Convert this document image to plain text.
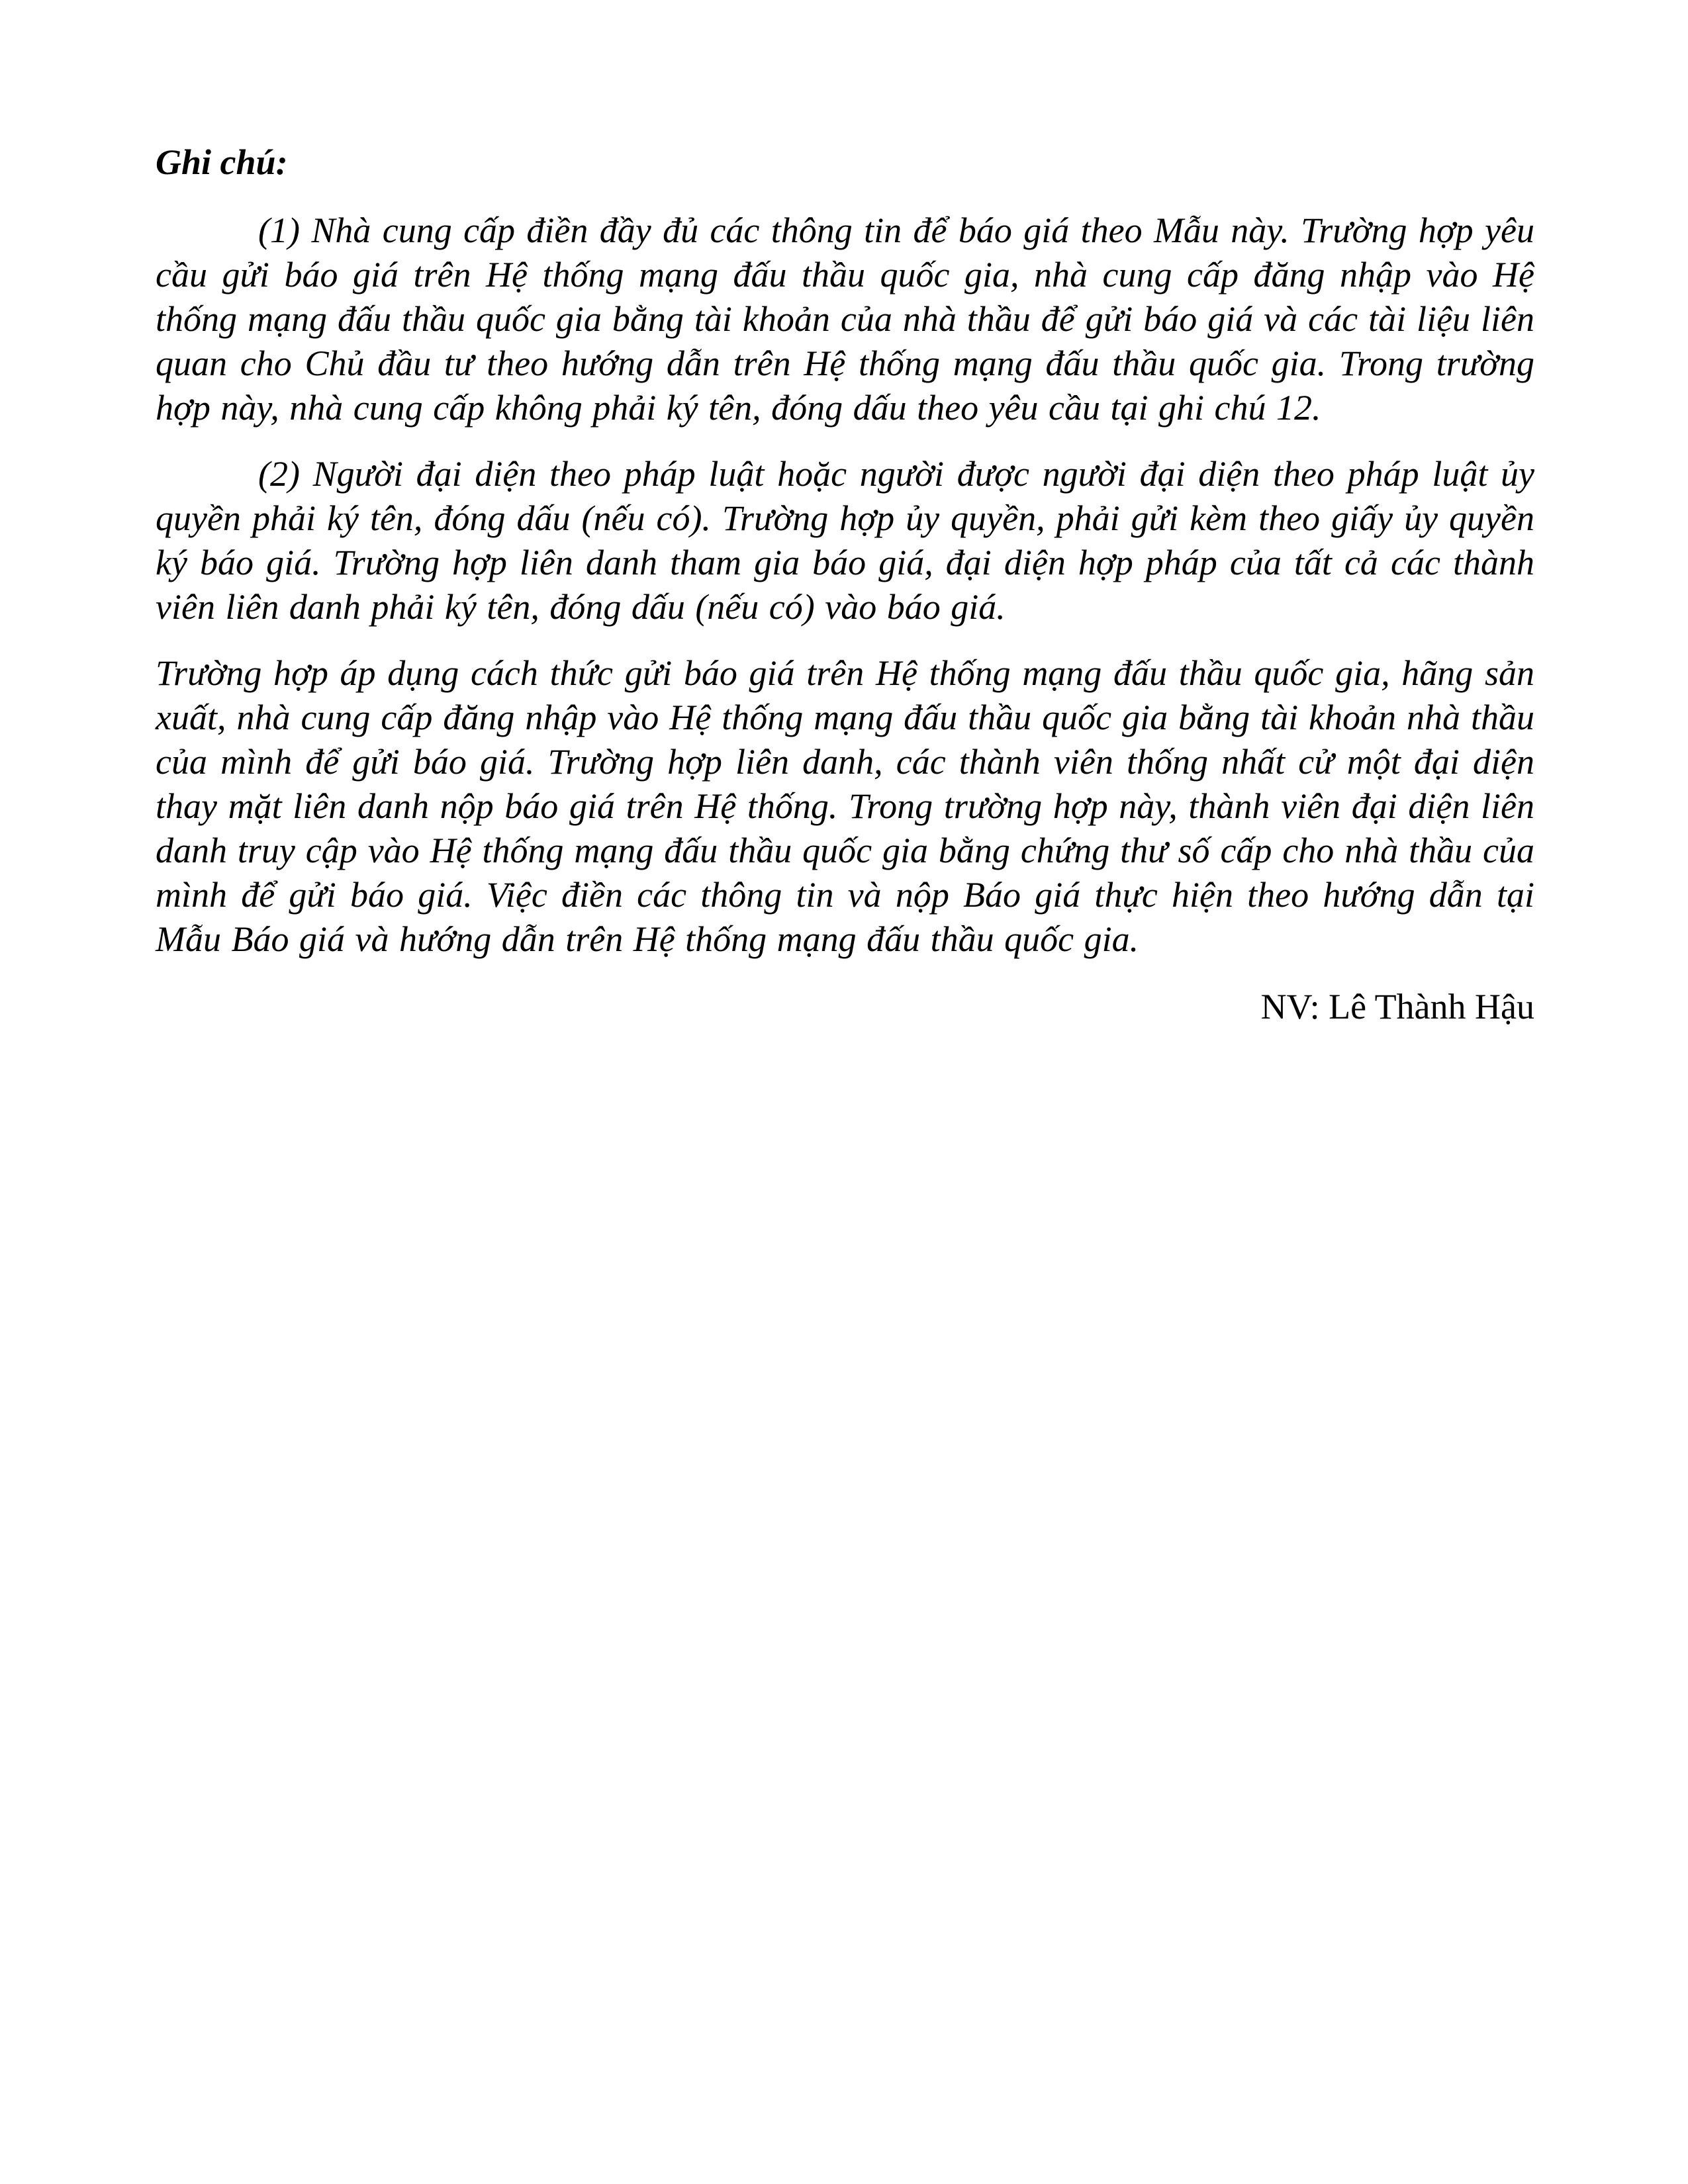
Ghi chú:

(1) Nhà cung cấp điền đầy đủ các thông tin để báo giá theo Mẫu này. Trường hợp yêu cầu gửi báo giá trên Hệ thống mạng đấu thầu quốc gia, nhà cung cấp đăng nhập vào Hệ thống mạng đấu thầu quốc gia bằng tài khoản của nhà thầu để gửi báo giá và các tài liệu liên quan cho Chủ đầu tư theo hướng dẫn trên Hệ thống mạng đấu thầu quốc gia. Trong trường hợp này, nhà cung cấp không phải ký tên, đóng dấu theo yêu cầu tại ghi chú 12.

(2) Người đại diện theo pháp luật hoặc người được người đại diện theo pháp luật ủy quyền phải ký tên, đóng dấu (nếu có). Trường hợp ủy quyền, phải gửi kèm theo giấy ủy quyền ký báo giá. Trường hợp liên danh tham gia báo giá, đại diện hợp pháp của tất cả các thành viên liên danh phải ký tên, đóng dấu (nếu có) vào báo giá.

Trường hợp áp dụng cách thức gửi báo giá trên Hệ thống mạng đấu thầu quốc gia, hãng sản xuất, nhà cung cấp đăng nhập vào Hệ thống mạng đấu thầu quốc gia bằng tài khoản nhà thầu của mình để gửi báo giá. Trường hợp liên danh, các thành viên thống nhất cử một đại diện thay mặt liên danh nộp báo giá trên Hệ thống. Trong trường hợp này, thành viên đại diện liên danh truy cập vào Hệ thống mạng đấu thầu quốc gia bằng chứng thư số cấp cho nhà thầu của mình để gửi báo giá. Việc điền các thông tin và nộp Báo giá thực hiện theo hướng dẫn tại Mẫu Báo giá và hướng dẫn trên Hệ thống mạng đấu thầu quốc gia.

NV: Lê Thành Hậu
